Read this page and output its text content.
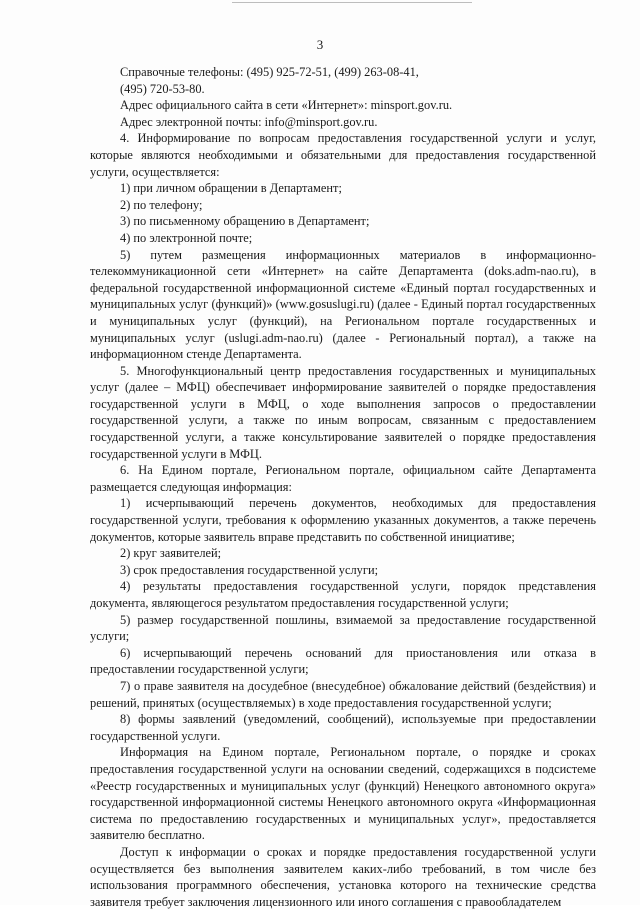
3

Справочные телефоны: (495) 925-72-51, (499) 263-08-41,

(495) 720-53-80.

Адрес официального сайта в сети «Интернет»: minsport.gov.ru.

Адрес электронной почты: info@minsport.gov.ru.

4. Информирование по вопросам предоставления государственной услуги и услуг, которые являются необходимыми и обязательными для предоставления государственной услуги, осуществляется:

1) при личном обращении в Департамент;

2) по телефону;

3) по письменному обращению в Департамент;

4) по электронной почте;

5) путем размещения информационных материалов в информационно-телекоммуникационной сети «Интернет» на сайте Департамента (doks.adm-nao.ru), в федеральной государственной информационной системе «Единый портал государственных и муниципальных услуг (функций)» (www.gosuslugi.ru) (далее - Единый портал государственных и муниципальных услуг (функций), на Региональном портале государственных и муниципальных услуг (uslugi.adm-nao.ru) (далее - Региональный портал), а также на информационном стенде Департамента.

5. Многофункциональный центр предоставления государственных и муниципальных услуг (далее – МФЦ) обеспечивает информирование заявителей о порядке предоставления государственной услуги в МФЦ, о ходе выполнения запросов о предоставлении государственной услуги, а также по иным вопросам, связанным с предоставлением государственной услуги, а также консультирование заявителей о порядке предоставления государственной услуги в МФЦ.

6. На Едином портале, Региональном портале, официальном сайте Департамента размещается следующая информация:

1) исчерпывающий перечень документов, необходимых для предоставления государственной услуги, требования к оформлению указанных документов, а также перечень документов, которые заявитель вправе представить по собственной инициативе;

2) круг заявителей;

3) срок предоставления государственной услуги;

4) результаты предоставления государственной услуги, порядок представления документа, являющегося результатом предоставления государственной услуги;

5) размер государственной пошлины, взимаемой за предоставление государственной услуги;

6) исчерпывающий перечень оснований для приостановления или отказа в предоставлении государственной услуги;

7) о праве заявителя на досудебное (внесудебное) обжалование действий (бездействия) и решений, принятых (осуществляемых) в ходе предоставления государственной услуги;

8) формы заявлений (уведомлений, сообщений), используемые при предоставлении государственной услуги.

Информация на Едином портале, Региональном портале, о порядке и сроках предоставления государственной услуги на основании сведений, содержащихся в подсистеме «Реестр государственных и муниципальных услуг (функций) Ненецкого автономного округа» государственной информационной системы Ненецкого автономного округа «Информационная система по предоставлению государственных и муниципальных услуг», предоставляется заявителю бесплатно.

Доступ к информации о сроках и порядке предоставления государственной услуги осуществляется без выполнения заявителем каких-либо требований, в том числе без использования программного обеспечения, установка которого на технические средства заявителя требует заключения лицензионного или иного соглашения с правообладателем
